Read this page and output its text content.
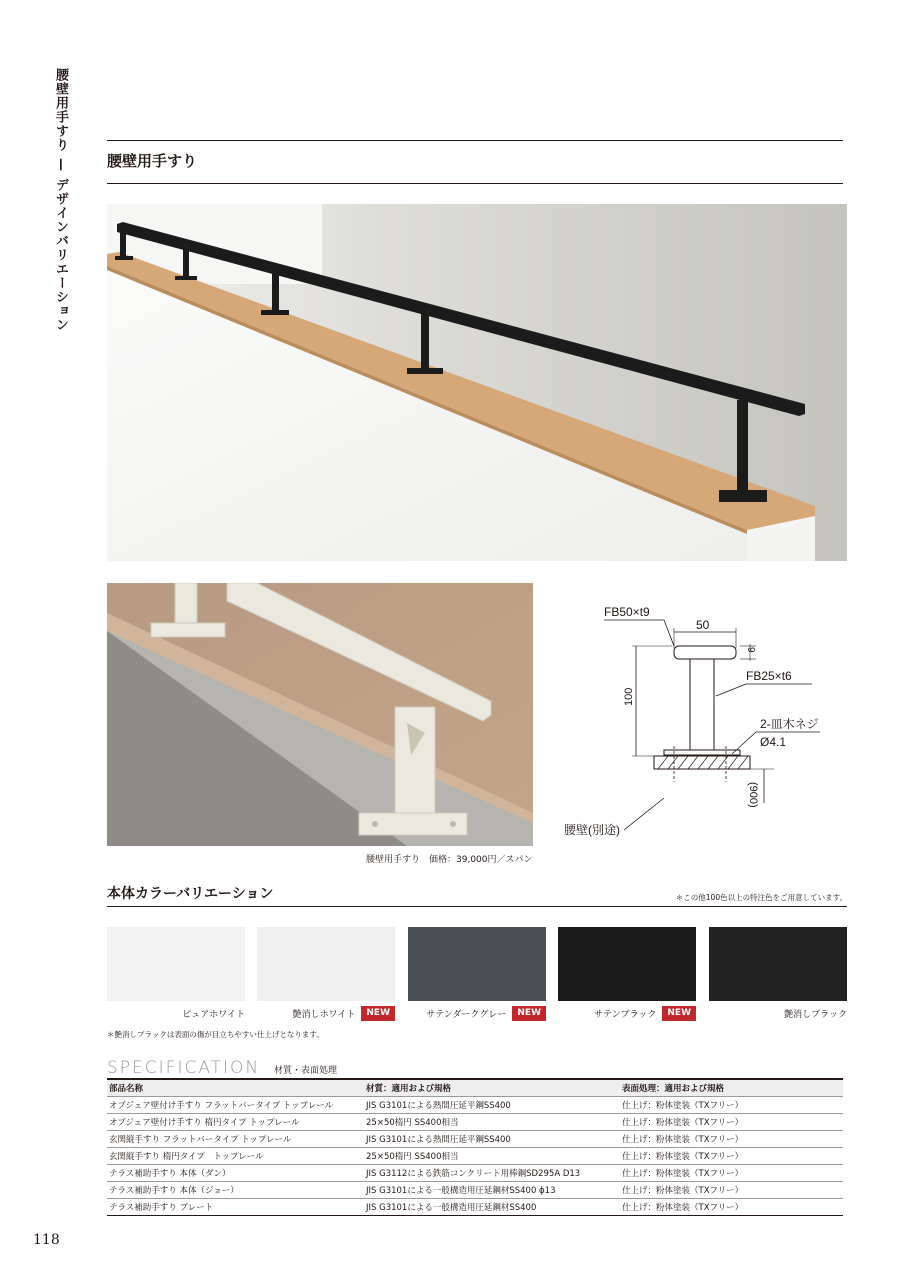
腰壁用手すり—デザインバリエーション
腰壁用手すり
FB50×t9
50
9
100
FB25×t6
2-皿木ネジ
Ø4.1
(900)
腰壁(別途)
腰壁用手すり　価格：39,000円／スパン
本体カラーバリエーション	＊この他100色以上の特注色をご用意しています。
ピュアホワイト	艶消しホワイト	NEW	サテンダークグレー	NEW	サテンブラック	NEW	艶消しブラック
＊艶消しブラックは表面の傷が目立ちやすい仕上げとなります。
SPECIFICATION 材質・表面処理
部品名称	材質：適用および規格	表面処理：適用および規格
オブジェア壁付け手すり フラットバータイプ トップレール	JIS G3101による熱間圧延平鋼SS400	仕上げ：粉体塗装（TXフリー）
オブジェア壁付け手すり 楕円タイプ トップレール	25×50楕円 SS400相当	仕上げ：粉体塗装（TXフリー）
玄関縦手すり フラットバータイプ トップレール	JIS G3101による熱間圧延平鋼SS400	仕上げ：粉体塗装（TXフリー）
玄関縦手すり 楕円タイプ　トップレール	25×50楕円 SS400相当	仕上げ：粉体塗装（TXフリー）
テラス補助手すり 本体（ダン）	JIS G3112による鉄筋コンクリート用棒鋼SD295A D13	仕上げ：粉体塗装（TXフリー）
テラス補助手すり 本体（ジョー）	JIS G3101による一般構造用圧延鋼材SS400 ϕ13	仕上げ：粉体塗装（TXフリー）
テラス補助手すり プレート	JIS G3101による一般構造用圧延鋼材SS400	仕上げ：粉体塗装（TXフリー）
118
